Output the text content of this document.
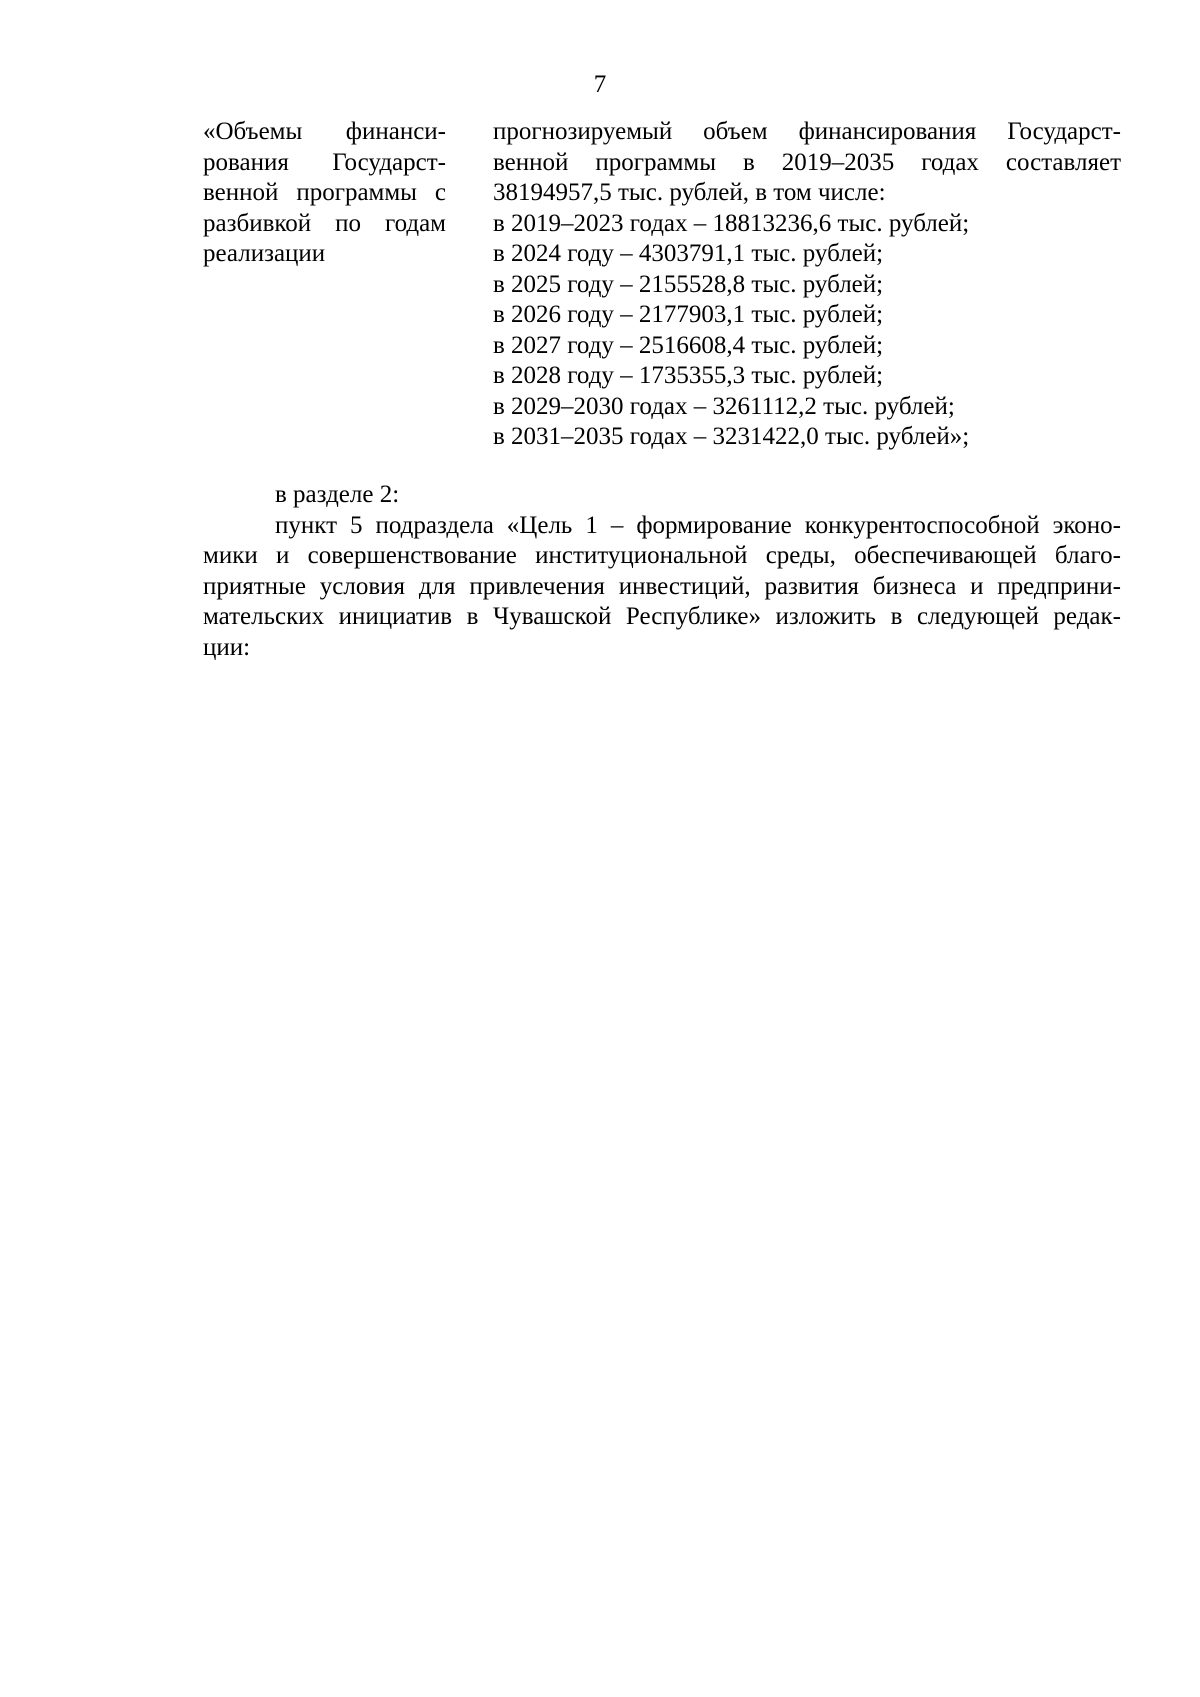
7
«Объемы финанси-
рования Государст-
венной программы с
разбивкой по годам
реализации
прогнозируемый объем финансирования Государст-
венной программы в 2019–2035 годах составляет
38194957,5 тыс. рублей, в том числе:
в 2019–2023 годах – 18813236,6 тыс. рублей;
в 2024 году – 4303791,1 тыс. рублей;
в 2025 году – 2155528,8 тыс. рублей;
в 2026 году – 2177903,1 тыс. рублей;
в 2027 году – 2516608,4 тыс. рублей;
в 2028 году – 1735355,3 тыс. рублей;
в 2029–2030 годах – 3261112,2 тыс. рублей;
в 2031–2035 годах – 3231422,0 тыс. рублей»;
в разделе 2:
пункт 5 подраздела «Цель 1 – формирование конкурентоспособной эконо-
мики и совершенствование институциональной среды, обеспечивающей благо-
приятные условия для привлечения инвестиций, развития бизнеса и предприни-
мательских инициатив в Чувашской Республике» изложить в следующей редак-
ции:
